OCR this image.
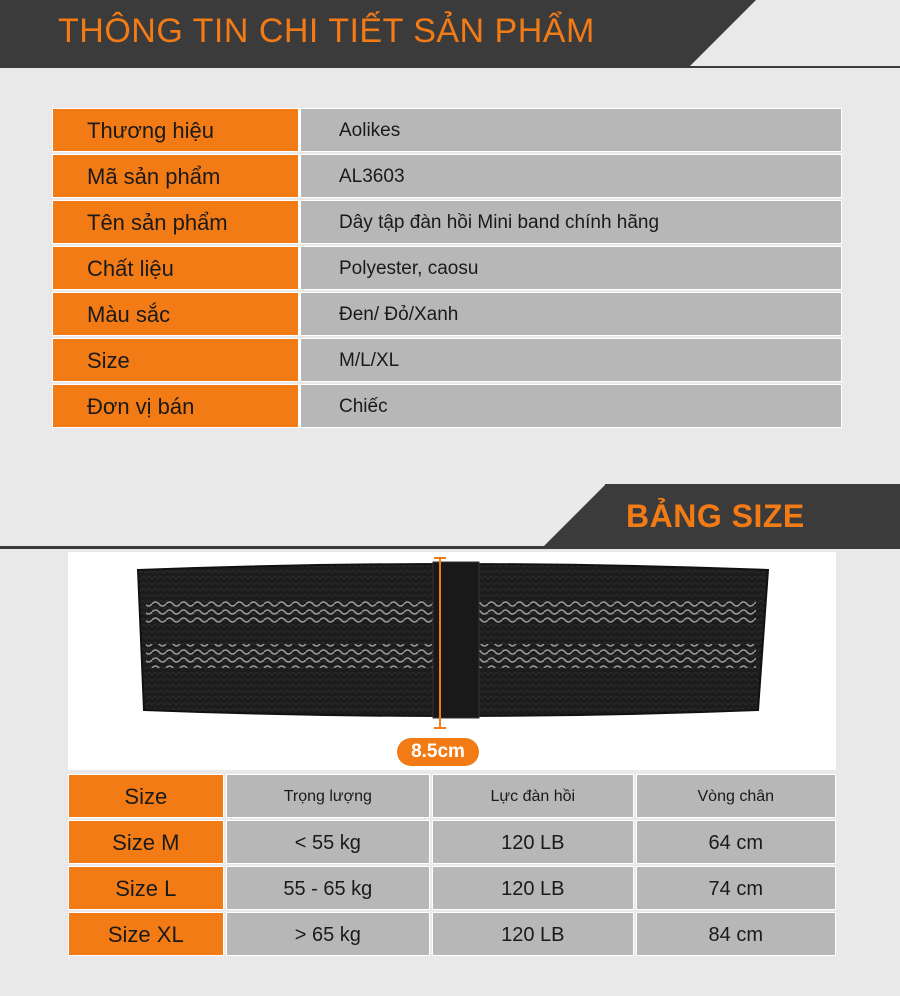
THÔNG TIN CHI TIẾT SẢN PHẨM
Thương hiệu	Aolikes
Mã sản phẩm	AL3603
Tên sản phẩm	Dây tập đàn hồi Mini band chính hãng
Chất liệu	Polyester, caosu
Màu sắc	Đen/ Đỏ/Xanh
Size	M/L/XL
Đơn vị bán	Chiếc
BẢNG SIZE
8.5cm
Size	Trọng lượng	Lực đàn hồi	Vòng chân
Size M	< 55 kg	120 LB	64 cm
Size L	55 - 65 kg	120 LB	74 cm
Size XL	> 65 kg	120 LB	84 cm
